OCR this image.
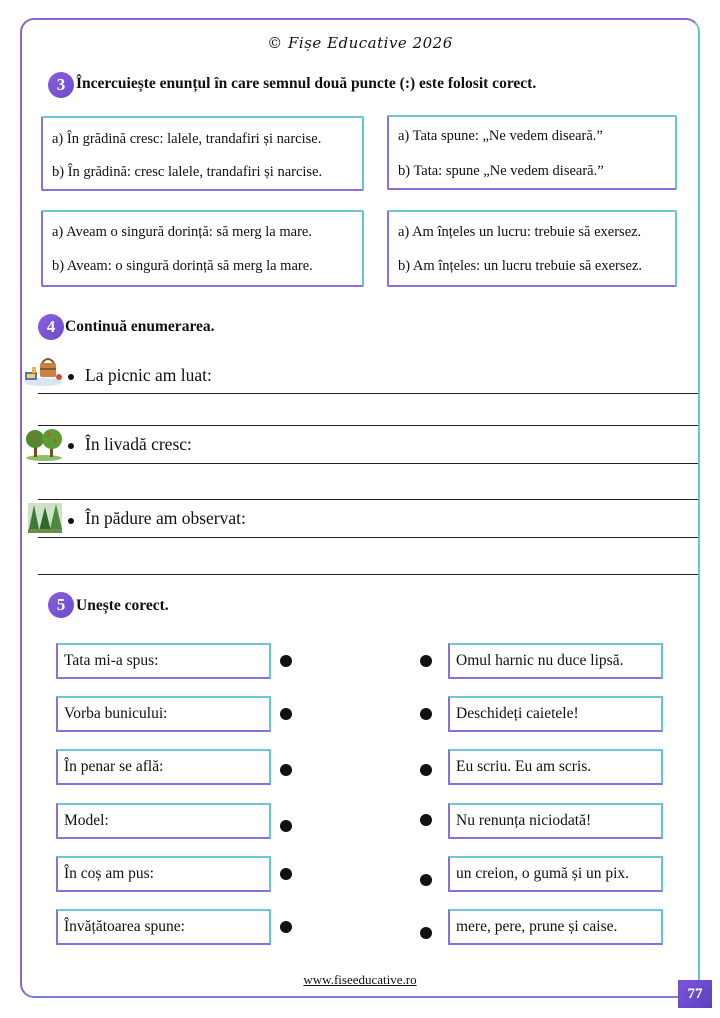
© Fișe Educative 2026
3 Încercuiește enunțul în care semnul două puncte (:) este folosit corect.
a) În grădină cresc: lalele, trandafiri și narcise.
b) În grădină: cresc lalele, trandafiri și narcise.
a) Tata spune: „Ne vedem diseară.”
b) Tata: spune „Ne vedem diseară.”
a) Aveam o singură dorință: să merg la mare.
b) Aveam: o singură dorință să merg la mare.
a) Am înțeles un lucru: trebuie să exersez.
b) Am înțeles: un lucru trebuie să exersez.
4 Continuă enumerarea.
La picnic am luat:
În livadă cresc:
În pădure am observat:
5 Unește corect.
Tata mi-a spus:
Vorba bunicului:
În penar se află:
Model:
În coș am pus:
Învățătoarea spune:
Omul harnic nu duce lipsă.
Deschideți caietele!
Eu scriu. Eu am scris.
Nu renunța niciodată!
un creion, o gumă și un pix.
mere, pere, prune și caise.
www.fiseeducative.ro
77
